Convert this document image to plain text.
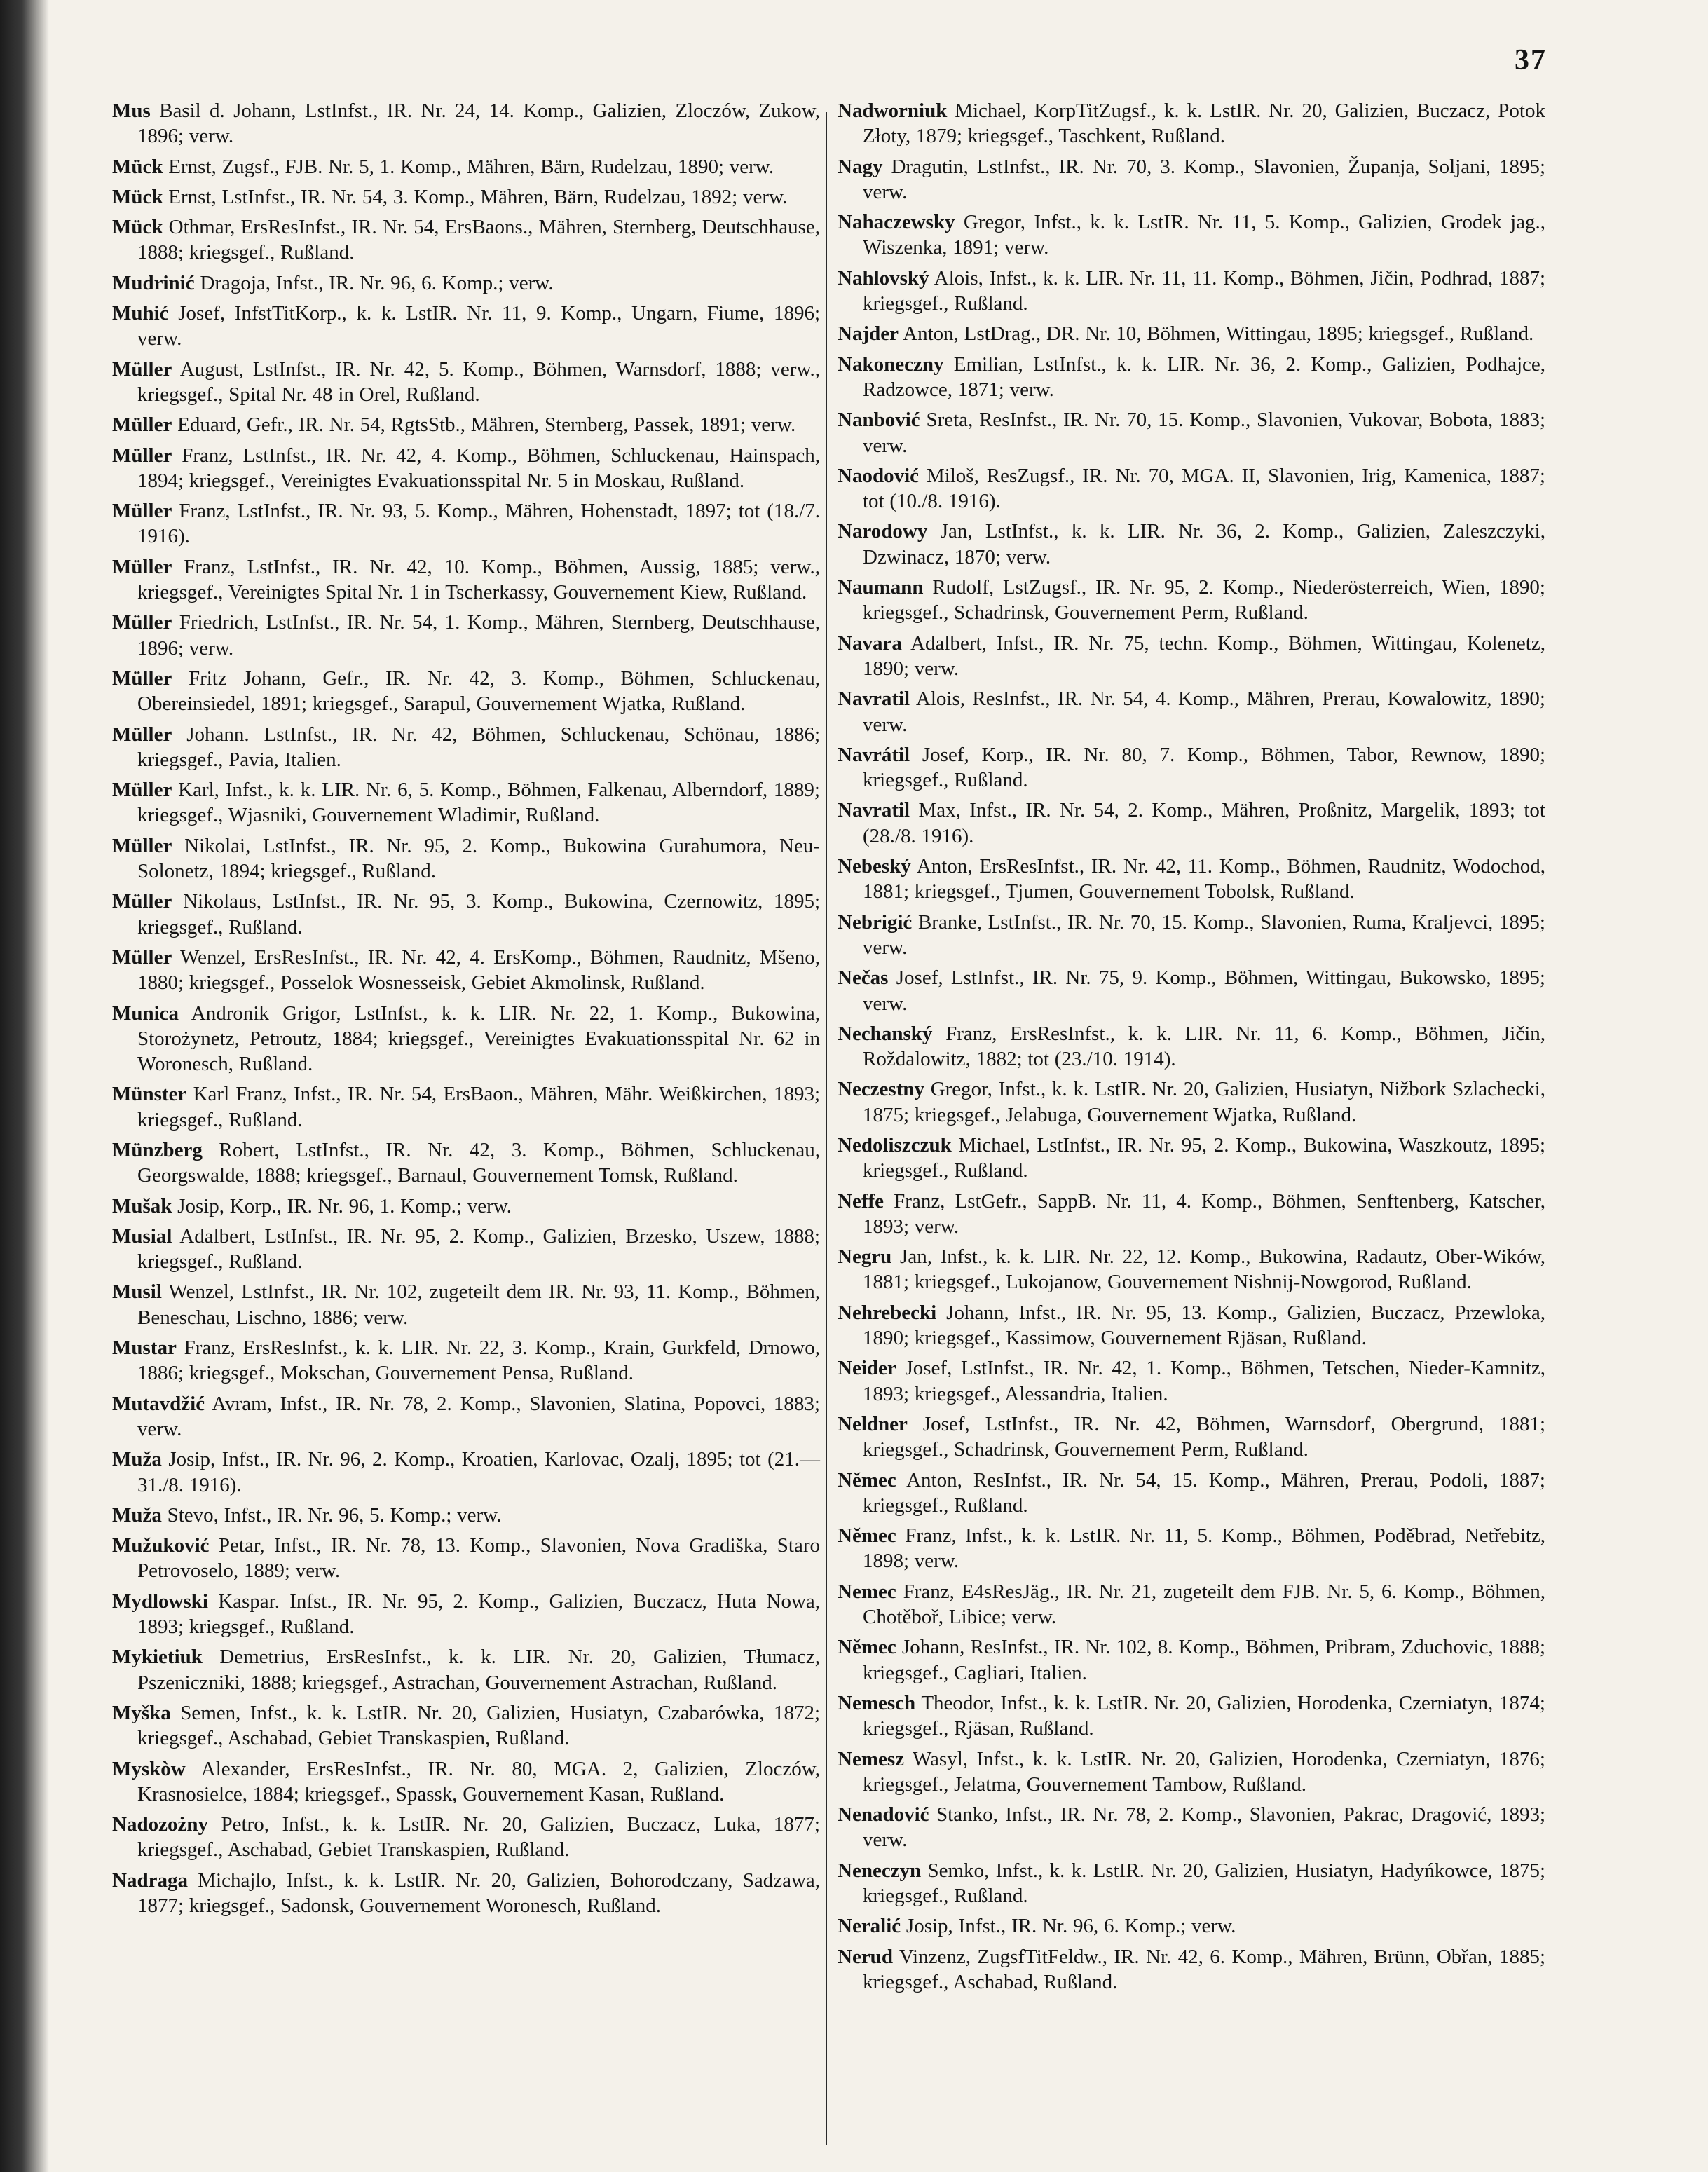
37

Mus Basil d. Johann, LstInfst., IR. Nr. 24, 14. Komp., Galizien, Zloczów, Zukow, 1896; verw.

Mück Ernst, Zugsf., FJB. Nr. 5, 1. Komp., Mähren, Bärn, Rudelzau, 1890; verw.

Mück Ernst, LstInfst., IR. Nr. 54, 3. Komp., Mähren, Bärn, Rudelzau, 1892; verw.

Mück Othmar, ErsResInfst., IR. Nr. 54, ErsBaons., Mähren, Sternberg, Deutschhause, 1888; kriegsgef., Rußland.

Mudrinić Dragoja, Infst., IR. Nr. 96, 6. Komp.; verw.

Muhić Josef, InfstTitKorp., k. k. LstIR. Nr. 11, 9. Komp., Ungarn, Fiume, 1896; verw.

Müller August, LstInfst., IR. Nr. 42, 5. Komp., Böhmen, Warnsdorf, 1888; verw., kriegsgef., Spital Nr. 48 in Orel, Rußland.

Müller Eduard, Gefr., IR. Nr. 54, RgtsStb., Mähren, Sternberg, Passek, 1891; verw.

Müller Franz, LstInfst., IR. Nr. 42, 4. Komp., Böhmen, Schluckenau, Hainspach, 1894; kriegsgef., Vereinigtes Evakuationsspital Nr. 5 in Moskau, Rußland.

Müller Franz, LstInfst., IR. Nr. 93, 5. Komp., Mähren, Hohenstadt, 1897; tot (18./7. 1916).

Müller Franz, LstInfst., IR. Nr. 42, 10. Komp., Böhmen, Aussig, 1885; verw., kriegsgef., Vereinigtes Spital Nr. 1 in Tscherkassy, Gouvernement Kiew, Rußland.

Müller Friedrich, LstInfst., IR. Nr. 54, 1. Komp., Mähren, Sternberg, Deutschhause, 1896; verw.

Müller Fritz Johann, Gefr., IR. Nr. 42, 3. Komp., Böhmen, Schluckenau, Obereinsiedel, 1891; kriegsgef., Sarapul, Gouvernement Wjatka, Rußland.

Müller Johann. LstInfst., IR. Nr. 42, Böhmen, Schluckenau, Schönau, 1886; kriegsgef., Pavia, Italien.

Müller Karl, Infst., k. k. LIR. Nr. 6, 5. Komp., Böhmen, Falkenau, Alberndorf, 1889; kriegsgef., Wjasniki, Gouvernement Wladimir, Rußland.

Müller Nikolai, LstInfst., IR. Nr. 95, 2. Komp., Bukowina Gurahumora, Neu-Solonetz, 1894; kriegsgef., Rußland.

Müller Nikolaus, LstInfst., IR. Nr. 95, 3. Komp., Bukowina, Czernowitz, 1895; kriegsgef., Rußland.

Müller Wenzel, ErsResInfst., IR. Nr. 42, 4. ErsKomp., Böhmen, Raudnitz, Mšeno, 1880; kriegsgef., Posselok Wosnesseisk, Gebiet Akmolinsk, Rußland.

Munica Andronik Grigor, LstInfst., k. k. LIR. Nr. 22, 1. Komp., Bukowina, Storożynetz, Petroutz, 1884; kriegsgef., Vereinigtes Evakuationsspital Nr. 62 in Woronesch, Rußland.

Münster Karl Franz, Infst., IR. Nr. 54, ErsBaon., Mähren, Mähr. Weißkirchen, 1893; kriegsgef., Rußland.

Münzberg Robert, LstInfst., IR. Nr. 42, 3. Komp., Böhmen, Schluckenau, Georgswalde, 1888; kriegsgef., Barnaul, Gouvernement Tomsk, Rußland.

Mušak Josip, Korp., IR. Nr. 96, 1. Komp.; verw.

Musial Adalbert, LstInfst., IR. Nr. 95, 2. Komp., Galizien, Brzesko, Uszew, 1888; kriegsgef., Rußland.

Musil Wenzel, LstInfst., IR. Nr. 102, zugeteilt dem IR. Nr. 93, 11. Komp., Böhmen, Beneschau, Lischno, 1886; verw.

Mustar Franz, ErsResInfst., k. k. LIR. Nr. 22, 3. Komp., Krain, Gurkfeld, Drnowo, 1886; kriegsgef., Mokschan, Gouvernement Pensa, Rußland.

Mutavdžić Avram, Infst., IR. Nr. 78, 2. Komp., Slavonien, Slatina, Popovci, 1883; verw.

Muža Josip, Infst., IR. Nr. 96, 2. Komp., Kroatien, Karlovac, Ozalj, 1895; tot (21.—31./8. 1916).

Muža Stevo, Infst., IR. Nr. 96, 5. Komp.; verw.

Mužuković Petar, Infst., IR. Nr. 78, 13. Komp., Slavonien, Nova Gradiška, Staro Petrovoselo, 1889; verw.

Mydlowski Kaspar. Infst., IR. Nr. 95, 2. Komp., Galizien, Buczacz, Huta Nowa, 1893; kriegsgef., Rußland.

Mykietiuk Demetrius, ErsResInfst., k. k. LIR. Nr. 20, Galizien, Tłumacz, Pszeniczniki, 1888; kriegsgef., Astrachan, Gouvernement Astrachan, Rußland.

Myška Semen, Infst., k. k. LstIR. Nr. 20, Galizien, Husiatyn, Czabarówka, 1872; kriegsgef., Aschabad, Gebiet Transkaspien, Rußland.

Myskòw Alexander, ErsResInfst., IR. Nr. 80, MGA. 2, Galizien, Zloczów, Krasnosielce, 1884; kriegsgef., Spassk, Gouvernement Kasan, Rußland.

Nadozożny Petro, Infst., k. k. LstIR. Nr. 20, Galizien, Buczacz, Luka, 1877; kriegsgef., Aschabad, Gebiet Transkaspien, Rußland.

Nadraga Michajlo, Infst., k. k. LstIR. Nr. 20, Galizien, Bohorodczany, Sadzawa, 1877; kriegsgef., Sadonsk, Gouvernement Woronesch, Rußland.

Nadworniuk Michael, KorpTitZugsf., k. k. LstIR. Nr. 20, Galizien, Buczacz, Potok Złoty, 1879; kriegsgef., Taschkent, Rußland.

Nagy Dragutin, LstInfst., IR. Nr. 70, 3. Komp., Slavonien, Županja, Soljani, 1895; verw.

Nahaczewsky Gregor, Infst., k. k. LstIR. Nr. 11, 5. Komp., Galizien, Grodek jag., Wiszenka, 1891; verw.

Nahlovský Alois, Infst., k. k. LIR. Nr. 11, 11. Komp., Böhmen, Jičin, Podhrad, 1887; kriegsgef., Rußland.

Najder Anton, LstDrag., DR. Nr. 10, Böhmen, Wittingau, 1895; kriegsgef., Rußland.

Nakoneczny Emilian, LstInfst., k. k. LIR. Nr. 36, 2. Komp., Galizien, Podhajce, Radzowce, 1871; verw.

Nanbović Sreta, ResInfst., IR. Nr. 70, 15. Komp., Slavonien, Vukovar, Bobota, 1883; verw.

Naodović Miloš, ResZugsf., IR. Nr. 70, MGA. II, Slavonien, Irig, Kamenica, 1887; tot (10./8. 1916).

Narodowy Jan, LstInfst., k. k. LIR. Nr. 36, 2. Komp., Galizien, Zaleszczyki, Dzwinacz, 1870; verw.

Naumann Rudolf, LstZugsf., IR. Nr. 95, 2. Komp., Niederösterreich, Wien, 1890; kriegsgef., Schadrinsk, Gouvernement Perm, Rußland.

Navara Adalbert, Infst., IR. Nr. 75, techn. Komp., Böhmen, Wittingau, Kolenetz, 1890; verw.

Navratil Alois, ResInfst., IR. Nr. 54, 4. Komp., Mähren, Prerau, Kowalowitz, 1890; verw.

Navrátil Josef, Korp., IR. Nr. 80, 7. Komp., Böhmen, Tabor, Rewnow, 1890; kriegsgef., Rußland.

Navratil Max, Infst., IR. Nr. 54, 2. Komp., Mähren, Proßnitz, Margelik, 1893; tot (28./8. 1916).

Nebeský Anton, ErsResInfst., IR. Nr. 42, 11. Komp., Böhmen, Raudnitz, Wodochod, 1881; kriegsgef., Tjumen, Gouvernement Tobolsk, Rußland.

Nebrigić Branke, LstInfst., IR. Nr. 70, 15. Komp., Slavonien, Ruma, Kraljevci, 1895; verw.

Nečas Josef, LstInfst., IR. Nr. 75, 9. Komp., Böhmen, Wittingau, Bukowsko, 1895; verw.

Nechanský Franz, ErsResInfst., k. k. LIR. Nr. 11, 6. Komp., Böhmen, Jičin, Roždalowitz, 1882; tot (23./10. 1914).

Neczestny Gregor, Infst., k. k. LstIR. Nr. 20, Galizien, Husiatyn, Nižbork Szlachecki, 1875; kriegsgef., Jelabuga, Gouvernement Wjatka, Rußland.

Nedoliszczuk Michael, LstInfst., IR. Nr. 95, 2. Komp., Bukowina, Waszkoutz, 1895; kriegsgef., Rußland.

Neffe Franz, LstGefr., SappB. Nr. 11, 4. Komp., Böhmen, Senftenberg, Katscher, 1893; verw.

Negru Jan, Infst., k. k. LIR. Nr. 22, 12. Komp., Bukowina, Radautz, Ober-Wików, 1881; kriegsgef., Lukojanow, Gouvernement Nishnij-Nowgorod, Rußland.

Nehrebecki Johann, Infst., IR. Nr. 95, 13. Komp., Galizien, Buczacz, Przewloka, 1890; kriegsgef., Kassimow, Gouvernement Rjäsan, Rußland.

Neider Josef, LstInfst., IR. Nr. 42, 1. Komp., Böhmen, Tetschen, Nieder-Kamnitz, 1893; kriegsgef., Alessandria, Italien.

Neldner Josef, LstInfst., IR. Nr. 42, Böhmen, Warnsdorf, Obergrund, 1881; kriegsgef., Schadrinsk, Gouvernement Perm, Rußland.

Němec Anton, ResInfst., IR. Nr. 54, 15. Komp., Mähren, Prerau, Podoli, 1887; kriegsgef., Rußland.

Němec Franz, Infst., k. k. LstIR. Nr. 11, 5. Komp., Böhmen, Poděbrad, Netřebitz, 1898; verw.

Nemec Franz, E4sResJäg., IR. Nr. 21, zugeteilt dem FJB. Nr. 5, 6. Komp., Böhmen, Chotěboř, Libice; verw.

Němec Johann, ResInfst., IR. Nr. 102, 8. Komp., Böhmen, Pribram, Zduchovic, 1888; kriegsgef., Cagliari, Italien.

Nemesch Theodor, Infst., k. k. LstIR. Nr. 20, Galizien, Horodenka, Czerniatyn, 1874; kriegsgef., Rjäsan, Rußland.

Nemesz Wasyl, Infst., k. k. LstIR. Nr. 20, Galizien, Horodenka, Czerniatyn, 1876; kriegsgef., Jelatma, Gouvernement Tambow, Rußland.

Nenadović Stanko, Infst., IR. Nr. 78, 2. Komp., Slavonien, Pakrac, Dragović, 1893; verw.

Neneczyn Semko, Infst., k. k. LstIR. Nr. 20, Galizien, Husiatyn, Hadyńkowce, 1875; kriegsgef., Rußland.

Neralić Josip, Infst., IR. Nr. 96, 6. Komp.; verw.

Nerud Vinzenz, ZugsfTitFeldw., IR. Nr. 42, 6. Komp., Mähren, Brünn, Obřan, 1885; kriegsgef., Aschabad, Rußland.
